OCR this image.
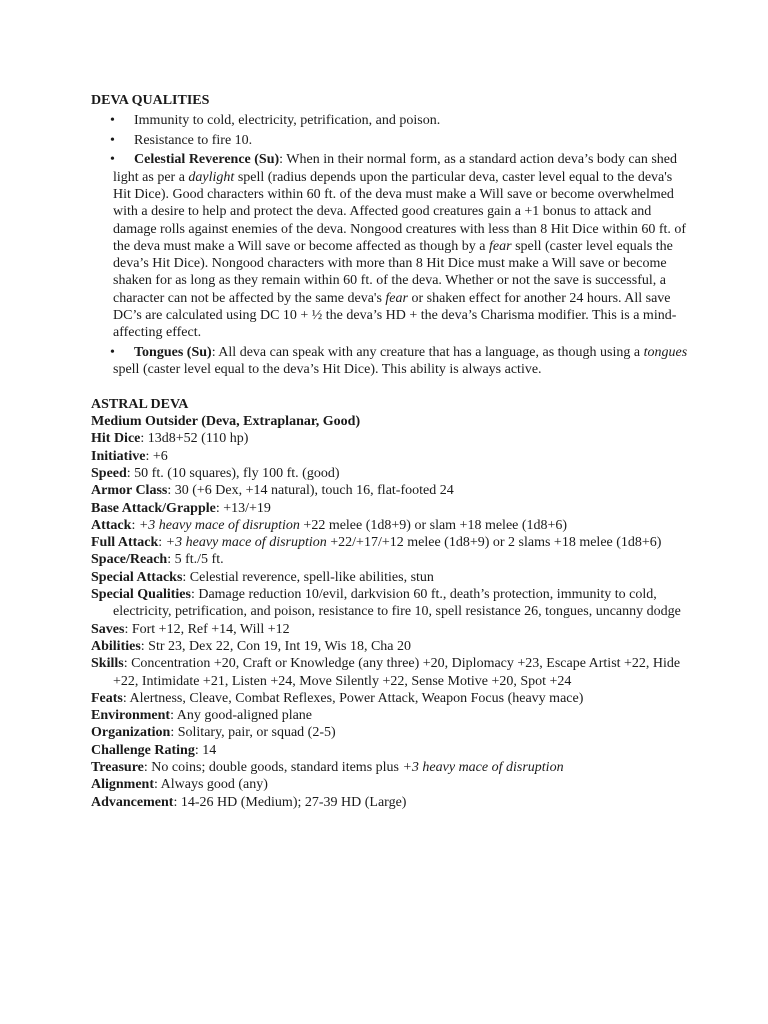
DEVA QUALITIES
•	Immunity to cold, electricity, petrification, and poison.
•	Resistance to fire 10.
•	Celestial Reverence (Su): When in their normal form, as a standard action deva’s body can shed light as per a daylight spell (radius depends upon the particular deva, caster level equal to the deva's Hit Dice). Good characters within 60 ft. of the deva must make a Will save or become overwhelmed with a desire to help and protect the deva. Affected good creatures gain a +1 bonus to attack and damage rolls against enemies of the deva. Nongood creatures with less than 8 Hit Dice within 60 ft. of the deva must make a Will save or become affected as though by a fear spell (caster level equals the deva’s Hit Dice). Nongood characters with more than 8 Hit Dice must make a Will save or become shaken for as long as they remain within 60 ft. of the deva. Whether or not the save is successful, a character can not be affected by the same deva's fear or shaken effect for another 24 hours. All save DC’s are calculated using DC 10 + ½ the deva’s HD + the deva’s Charisma modifier. This is a mind-affecting effect.
•	Tongues (Su): All deva can speak with any creature that has a language, as though using a tongues spell (caster level equal to the deva’s Hit Dice). This ability is always active.
ASTRAL DEVA
Medium Outsider (Deva, Extraplanar, Good)
Hit Dice: 13d8+52 (110 hp)
Initiative: +6
Speed: 50 ft. (10 squares), fly 100 ft. (good)
Armor Class: 30 (+6 Dex, +14 natural), touch 16, flat-footed 24
Base Attack/Grapple: +13/+19
Attack: +3 heavy mace of disruption +22 melee (1d8+9) or slam +18 melee (1d8+6)
Full Attack: +3 heavy mace of disruption +22/+17/+12 melee (1d8+9) or 2 slams +18 melee (1d8+6)
Space/Reach: 5 ft./5 ft.
Special Attacks: Celestial reverence, spell-like abilities, stun
Special Qualities: Damage reduction 10/evil, darkvision 60 ft., death’s protection, immunity to cold, electricity, petrification, and poison, resistance to fire 10, spell resistance 26, tongues, uncanny dodge
Saves: Fort +12, Ref +14, Will +12
Abilities: Str 23, Dex 22, Con 19, Int 19, Wis 18, Cha 20
Skills: Concentration +20, Craft or Knowledge (any three) +20, Diplomacy +23, Escape Artist +22, Hide +22, Intimidate +21, Listen +24, Move Silently +22, Sense Motive +20, Spot +24
Feats: Alertness, Cleave, Combat Reflexes, Power Attack, Weapon Focus (heavy mace)
Environment: Any good-aligned plane
Organization: Solitary, pair, or squad (2-5)
Challenge Rating: 14
Treasure: No coins; double goods, standard items plus +3 heavy mace of disruption
Alignment: Always good (any)
Advancement: 14-26 HD (Medium); 27-39 HD (Large)
